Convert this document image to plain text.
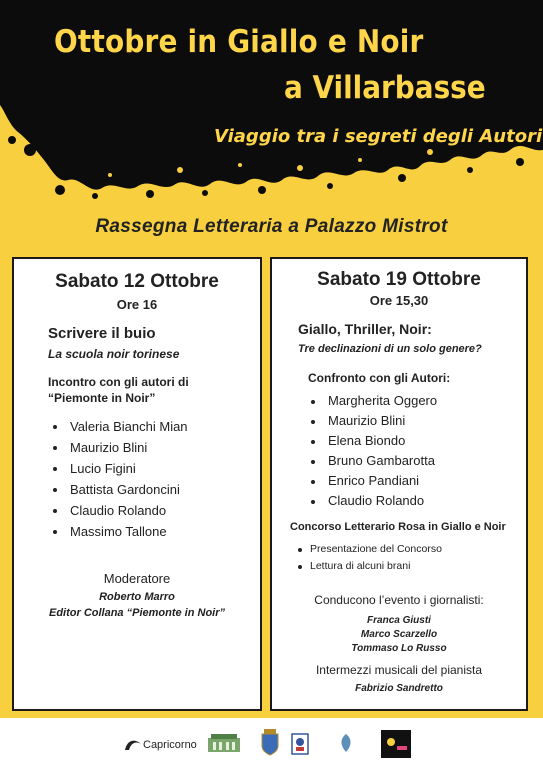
Ottobre in Giallo e Noir
a Villarbasse
Viaggio tra i segreti degli Autori
Rassegna Letteraria a Palazzo Mistrot
Sabato 12 Ottobre
Ore 16
Scrivere il buio
La scuola noir torinese
Incontro con gli autori di
“Piemonte in Noir”
Valeria Bianchi Mian
Maurizio Blini
Lucio Figini
Battista Gardoncini
Claudio Rolando
Massimo Tallone
Moderatore
Roberto Marro
Editor Collana “Piemonte in Noir”
Sabato 19 Ottobre
Ore 15,30
Giallo, Thriller, Noir:
Tre declinazioni di un solo genere?
Confronto con gli Autori:
Margherita Oggero
Maurizio Blini
Elena Biondo
Bruno Gambarotta
Enrico Pandiani
Claudio Rolando
Concorso Letterario Rosa in Giallo e Noir
Presentazione del Concorso
Lettura di alcuni brani
Conducono l’evento i giornalisti:
Franca Giusti
Marco Scarzello
Tommaso Lo Russo
Intermezzi musicali del pianista
Fabrizio Sandretto
Capricorno
